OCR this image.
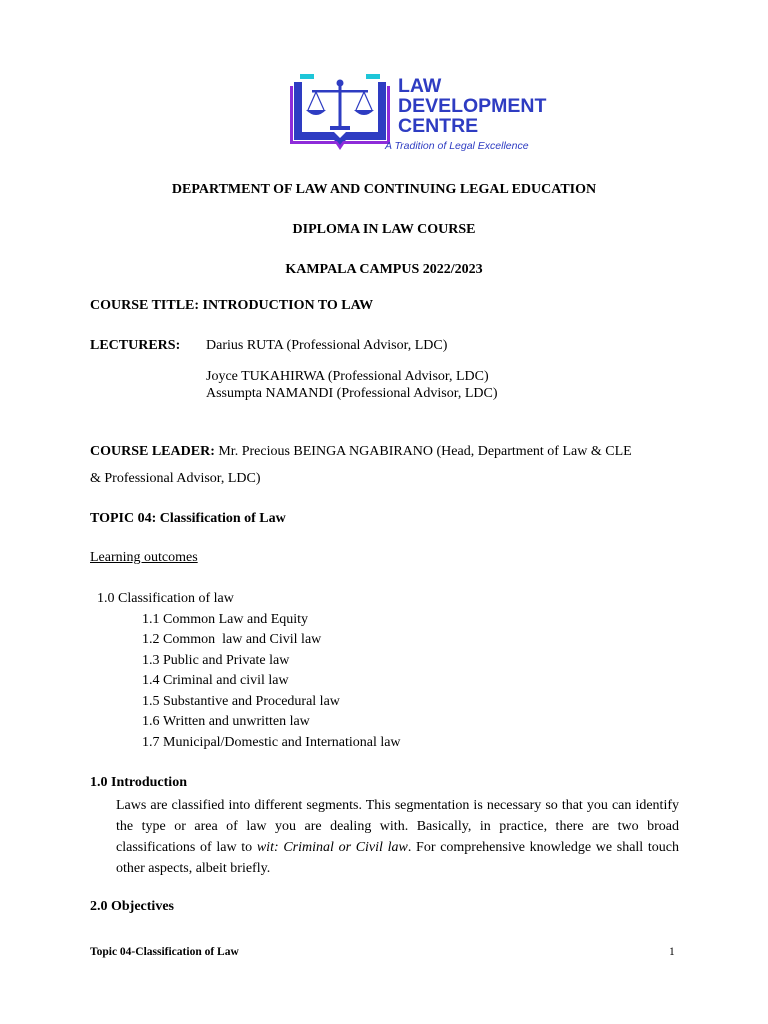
LAW
DEVELOPMENT
CENTRE
A Tradition of Legal Excellence
DEPARTMENT OF LAW AND CONTINUING LEGAL EDUCATION
DIPLOMA IN LAW COURSE
KAMPALA CAMPUS 2022/2023
COURSE TITLE: INTRODUCTION TO LAW
LECTURERS: Darius RUTA (Professional Advisor, LDC)
Joyce TUKAHIRWA (Professional Advisor, LDC)
Assumpta NAMANDI (Professional Advisor, LDC)
COURSE LEADER: Mr. Precious BEINGA NGABIRANO (Head, Department of Law & CLE
& Professional Advisor, LDC)
TOPIC 04: Classification of Law
Learning outcomes
1.0 Classification of law
1.1 Common Law and Equity
1.2 Common  law and Civil law
1.3 Public and Private law
1.4 Criminal and civil law
1.5 Substantive and Procedural law
1.6 Written and unwritten law
1.7 Municipal/Domestic and International law
1.0 Introduction

Laws are classified into different segments. This segmentation is necessary so that you can identify the type or area of law you are dealing with. Basically, in practice, there are two broad classifications of law to wit: Criminal or Civil law. For comprehensive knowledge we shall touch other aspects, albeit briefly.

2.0 Objectives
Topic 04-Classification of Law	1
